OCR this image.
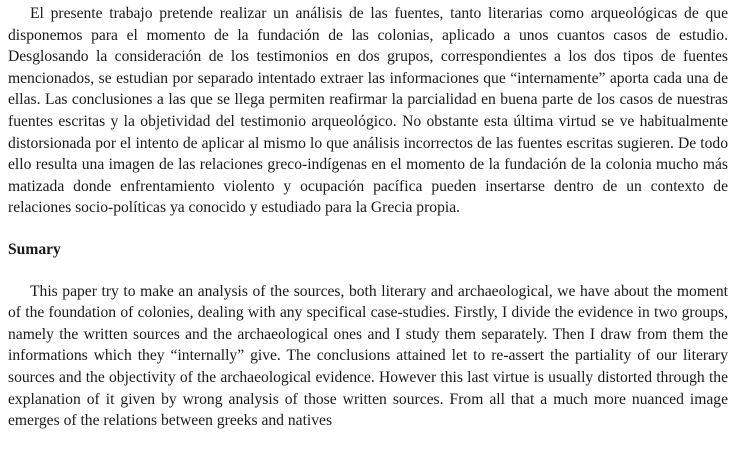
El presente trabajo pretende realizar un análisis de las fuentes, tanto literarias como arqueológicas de que disponemos para el momento de la fundación de las colonias, aplicado a unos cuantos casos de estudio. Desglosando la consideración de los testimonios en dos grupos, correspondientes a los dos tipos de fuentes mencionados, se estudian por separado intentado extraer las informaciones que “internamente” aporta cada una de ellas. Las conclusiones a las que se llega permiten reafirmar la parcialidad en buena parte de los casos de nuestras fuentes escritas y la objetividad del testimonio arqueológico. No obstante esta última virtud se ve habitualmente distorsionada por el intento de aplicar al mismo lo que análisis incorrectos de las fuentes escritas sugieren. De todo ello resulta una imagen de las relaciones greco-indígenas en el momento de la fundación de la colonia mucho más matizada donde enfrentamiento violento y ocupación pacífica pueden insertarse dentro de un contexto de relaciones socio-políticas ya conocido y estudiado para la Grecia propia.

Sumary

This paper try to make an analysis of the sources, both literary and archaeological, we have about the moment of the foundation of colonies, dealing with any specifical case-studies. Firstly, I divide the evidence in two groups, namely the written sources and the archaeological ones and I study them separately. Then I draw from them the informations which they “internally” give. The conclusions attained let to re-assert the partiality of our literary sources and the objectivity of the archaeological evidence. However this last virtue is usually distorted through the explanation of it given by wrong analysis of those written sources. From all that a much more nuanced image emerges of the relations between greeks and natives
